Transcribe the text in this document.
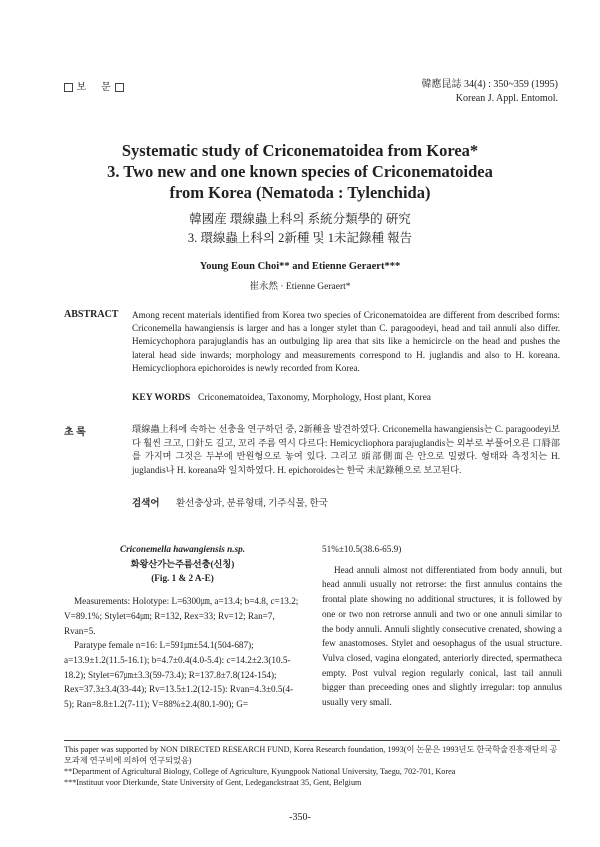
보 문	韓應昆誌 34(4) : 350~359 (1995)
Korean J. Appl. Entomol.
Systematic study of Criconematoidea from Korea*
3. Two new and one known species of Criconematoidea
from Korea (Nematoda : Tylenchida)
韓國産 環線蟲上科의 系統分類學的 硏究
3. 環線蟲上科의 2新種 및 1未記錄種 報告
Young Eoun Choi** and Etienne Geraert***
崔永然 · Etienne Geraert*
ABSTRACT Among recent materials identified from Korea two species of Criconematoidea are different from described forms: Criconemella hawangiensis is larger and has a longer stylet than C. paragoodeyi, head and tail annuli also differ. Hemicychophora parajuglandis has an outbulging lip area that sits like a hemicircle on the head and pushes the lateral head side inwards; morphology and measurements correspond to H. juglandis and also to H. koreana. Hemicycliophora epichoroides is newly recorded from Korea.
KEY WORDS Criconematoidea, Taxonomy, Morphology, Host plant, Korea
초 록	環線蟲上科에 속하는 선충을 연구하던 중, 2新種을 발견하였다. Criconemella hawangiensis는 C. paragoodeyi보다 훨씬 크고, 口針도 길고, 꼬리 주름 역시 다르다: Hemicycliophora parajuglandis는 외부로 부풀어오른 口脣部를 가지며 그것은 두부에 반원형으로 놓여 있다. 그리고 頭部側面은 안으로 밀렸다. 형태와 측정치는 H. juglandis나 H. koreana와 일치하였다. H. epichoroides는 한국 未記錄種으로 보고된다.
검색어 환선충상과, 분류형태, 기주식물, 한국
Criconemella hawangiensis n.sp.
화왕산가는주름선충(신칭)
(Fig. 1 & 2 A-E)

Measurements: Holotype: L=6300㎛, a=13.4; b=4.8, c=13.2; V=89.1%; Stylet=64㎛; R=132, Rex=33; Rv=12; Ran=7, Rvan=5.

Paratype female n=16: L=591㎛±54.1(504-687); a=13.9±1.2(11.5-16.1); b=4.7±0.4(4.0-5.4): c=14.2±2.3(10.5-18.2); Stylet=67㎛±3.3(59-73.4); R=137.8±7.8(124-154); Rex=37.3±3.4(33-44); Rv=13.5±1.2(12-15): Rvan=4.3±0.5(4-5); Ran=8.8±1.2(7-11); V=88%±2.4(80.1-90); G=

51%±10.5(38.6-65.9)

Head annuli almost not differentiated from body annuli, but head annuli usually not retrorse: the first annulus contains the frontal plate showing no additional structures, it is followed by one or two non retrorse annuli and two or one annuli similar to the body annuli. Annuli slightly consecutive crenated, showing a few anastomoses. Stylet and oesophagus of the usual structure. Vulva closed, vagina elongated, anteriorly directed, spermatheca empty. Post vulval region regularly conical, last tail annuli bigger than preceeding ones and slightly irregular: top annulus usually very small.

This paper was supported by NON DIRECTED RESEARCH FUND, Korea Research foundation, 1993(이 논문은 1993년도 한국학술진흥재단의 공모과제 연구비에 의하여 연구되었음)
**Department of Agricultural Biology, College of Agriculture, Kyungpook National University, Taegu, 702-701, Korea
***Instituut voor Dierkunde, State University of Gent, Ledeganckstraat 35, Gent, Belgium
-350-
